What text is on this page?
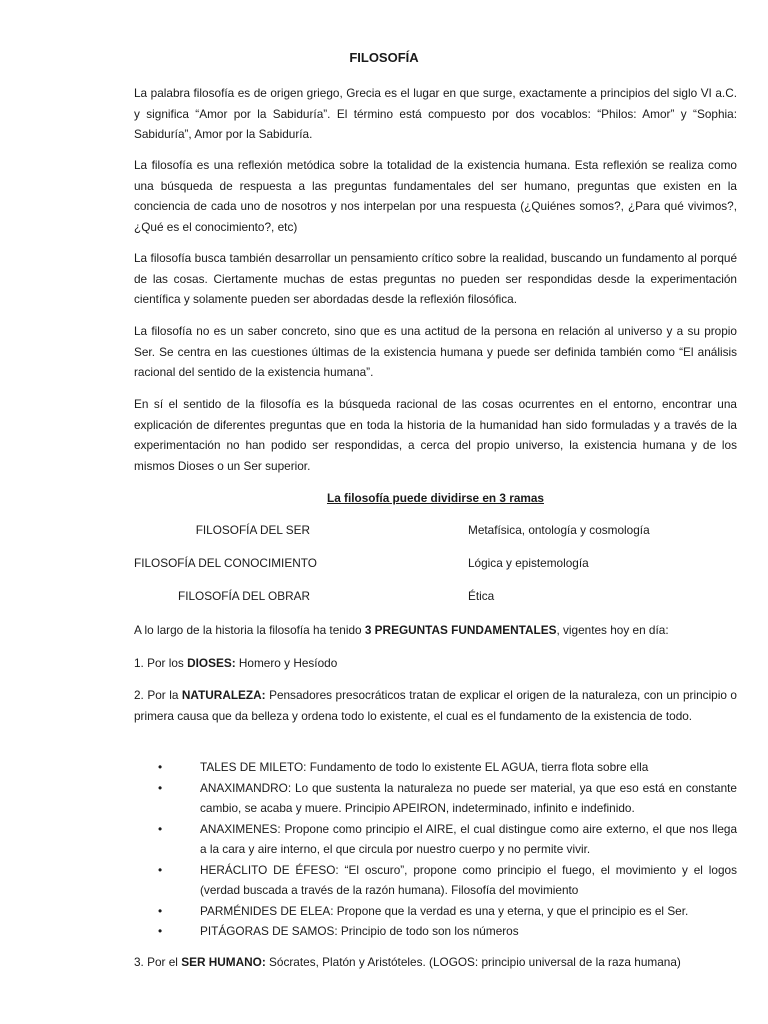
FILOSOFÍA

La palabra filosofía es de origen griego, Grecia es el lugar en que surge, exactamente a principios del siglo VI a.C. y significa “Amor por la Sabiduría”. El término está compuesto por dos vocablos: “Philos: Amor” y “Sophia: Sabiduría”, Amor por la Sabiduría.

La filosofía es una reflexión metódica sobre la totalidad de la existencia humana. Esta reflexión se realiza como una búsqueda de respuesta a las preguntas fundamentales del ser humano, preguntas que existen en la conciencia de cada uno de nosotros y nos interpelan por una respuesta (¿Quiénes somos?, ¿Para qué vivimos?, ¿Qué es el conocimiento?, etc)

La filosofía busca también desarrollar un pensamiento crítico sobre la realidad, buscando un fundamento al porqué de las cosas. Ciertamente muchas de estas preguntas no pueden ser respondidas desde la experimentación científica y solamente pueden ser abordadas desde la reflexión filosófica.

La filosofía no es un saber concreto, sino que es una actitud de la persona en relación al universo y a su propio Ser. Se centra en las cuestiones últimas de la existencia humana y puede ser definida también como “El análisis racional del sentido de la existencia humana”.

En sí el sentido de la filosofía es la búsqueda racional de las cosas ocurrentes en el entorno, encontrar una explicación de diferentes preguntas que en toda la historia de la humanidad han sido formuladas y a través de la experimentación no han podido ser respondidas, a cerca del propio universo, la existencia humana y de los mismos Dioses o un Ser superior.

La filosofía puede dividirse en 3 ramas
FILOSOFÍA DEL SER	Metafísica, ontología y cosmología
FILOSOFÍA DEL CONOCIMIENTO	Lógica y epistemología
FILOSOFÍA DEL OBRAR	Ética

A lo largo de la historia la filosofía ha tenido 3 PREGUNTAS FUNDAMENTALES, vigentes hoy en día:

1. Por los DIOSES: Homero y Hesíodo

2. Por la NATURALEZA: Pensadores presocráticos tratan de explicar el origen de la naturaleza, con un principio o primera causa que da belleza y ordena todo lo existente, el cual es el fundamento de la existencia de todo.

•	TALES DE MILETO: Fundamento de todo lo existente EL AGUA, tierra flota sobre ella
•	ANAXIMANDRO: Lo que sustenta la naturaleza no puede ser material, ya que eso está en constante cambio, se acaba y muere. Principio APEIRON, indeterminado, infinito e indefinido.
•	ANAXIMENES: Propone como principio el AIRE, el cual distingue como aire externo, el que nos llega a la cara y aire interno, el que circula por nuestro cuerpo y no permite vivir.
•	HERÁCLITO DE ÉFESO: “El oscuro”, propone como principio el fuego, el movimiento y el logos (verdad buscada a través de la razón humana). Filosofía del movimiento
•	PARMÉNIDES DE ELEA: Propone que la verdad es una y eterna, y que el principio es el Ser.
•	PITÁGORAS DE SAMOS: Principio de todo son los números

3. Por el SER HUMANO: Sócrates, Platón y Aristóteles. (LOGOS: principio universal de la raza humana)
